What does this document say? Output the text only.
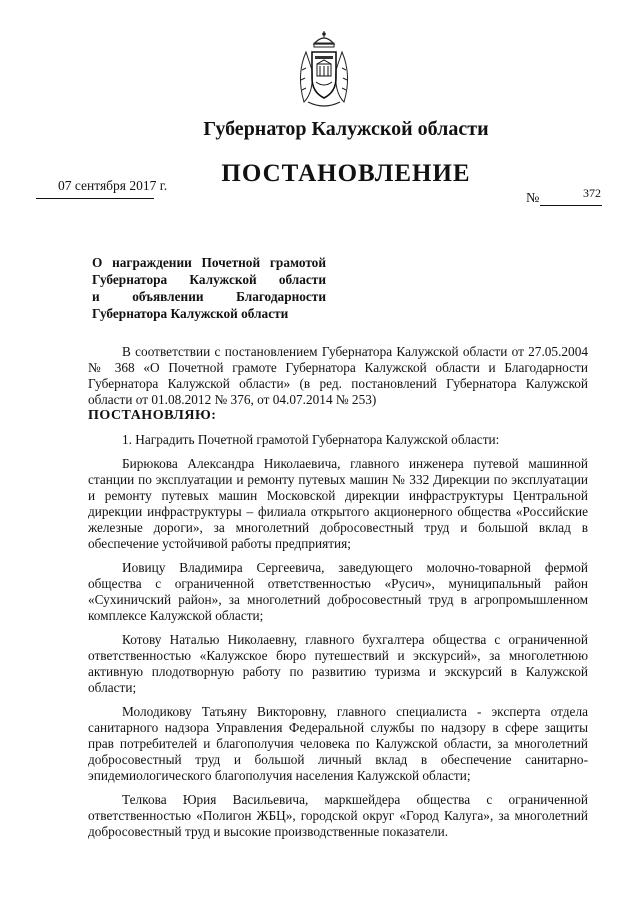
Губернатор Калужской области
ПОСТАНОВЛЕНИЕ
07 сентября 2017 г.
№	372
О награждении Почетной грамотой
Губернатора Калужской области
и объявлении Благодарности
Губернатора Калужской области

В соответствии с постановлением Губернатора Калужской области от 27.05.2004 № 368 «О Почетной грамоте Губернатора Калужской области и Благодарности Губернатора Калужской области» (в ред. постановлений Губернатора Калужской области от 01.08.2012 № 376, от 04.07.2014 № 253)

ПОСТАНОВЛЯЮ:

1. Наградить Почетной грамотой Губернатора Калужской области:

Бирюкова Александра Николаевича, главного инженера путевой машинной станции по эксплуатации и ремонту путевых машин № 332 Дирекции по эксплуатации и ремонту путевых машин Московской дирекции инфраструктуры Центральной дирекции инфраструктуры – филиала открытого акционерного общества «Российские железные дороги», за многолетний добросовестный труд и большой вклад в обеспечение устойчивой работы предприятия;

Иовицу Владимира Сергеевича, заведующего молочно-товарной фермой общества с ограниченной ответственностью «Русич», муниципальный район «Сухиничский район», за многолетний добросовестный труд в агропромышленном комплексе Калужской области;

Котову Наталью Николаевну, главного бухгалтера общества с ограниченной ответственностью «Калужское бюро путешествий и экскурсий», за многолетнюю активную плодотворную работу по развитию туризма и экскурсий в Калужской области;

Молодикову Татьяну Викторовну, главного специалиста - эксперта отдела санитарного надзора Управления Федеральной службы по надзору в сфере защиты прав потребителей и благополучия человека по Калужской области, за многолетний добросовестный труд и большой личный вклад в обеспечение санитарно-эпидемиологического благополучия населения Калужской области;

Телкова Юрия Васильевича, маркшейдера общества с ограниченной ответственностью «Полигон ЖБЦ», городской округ «Город Калуга», за многолетний добросовестный труд и высокие производственные показатели.
